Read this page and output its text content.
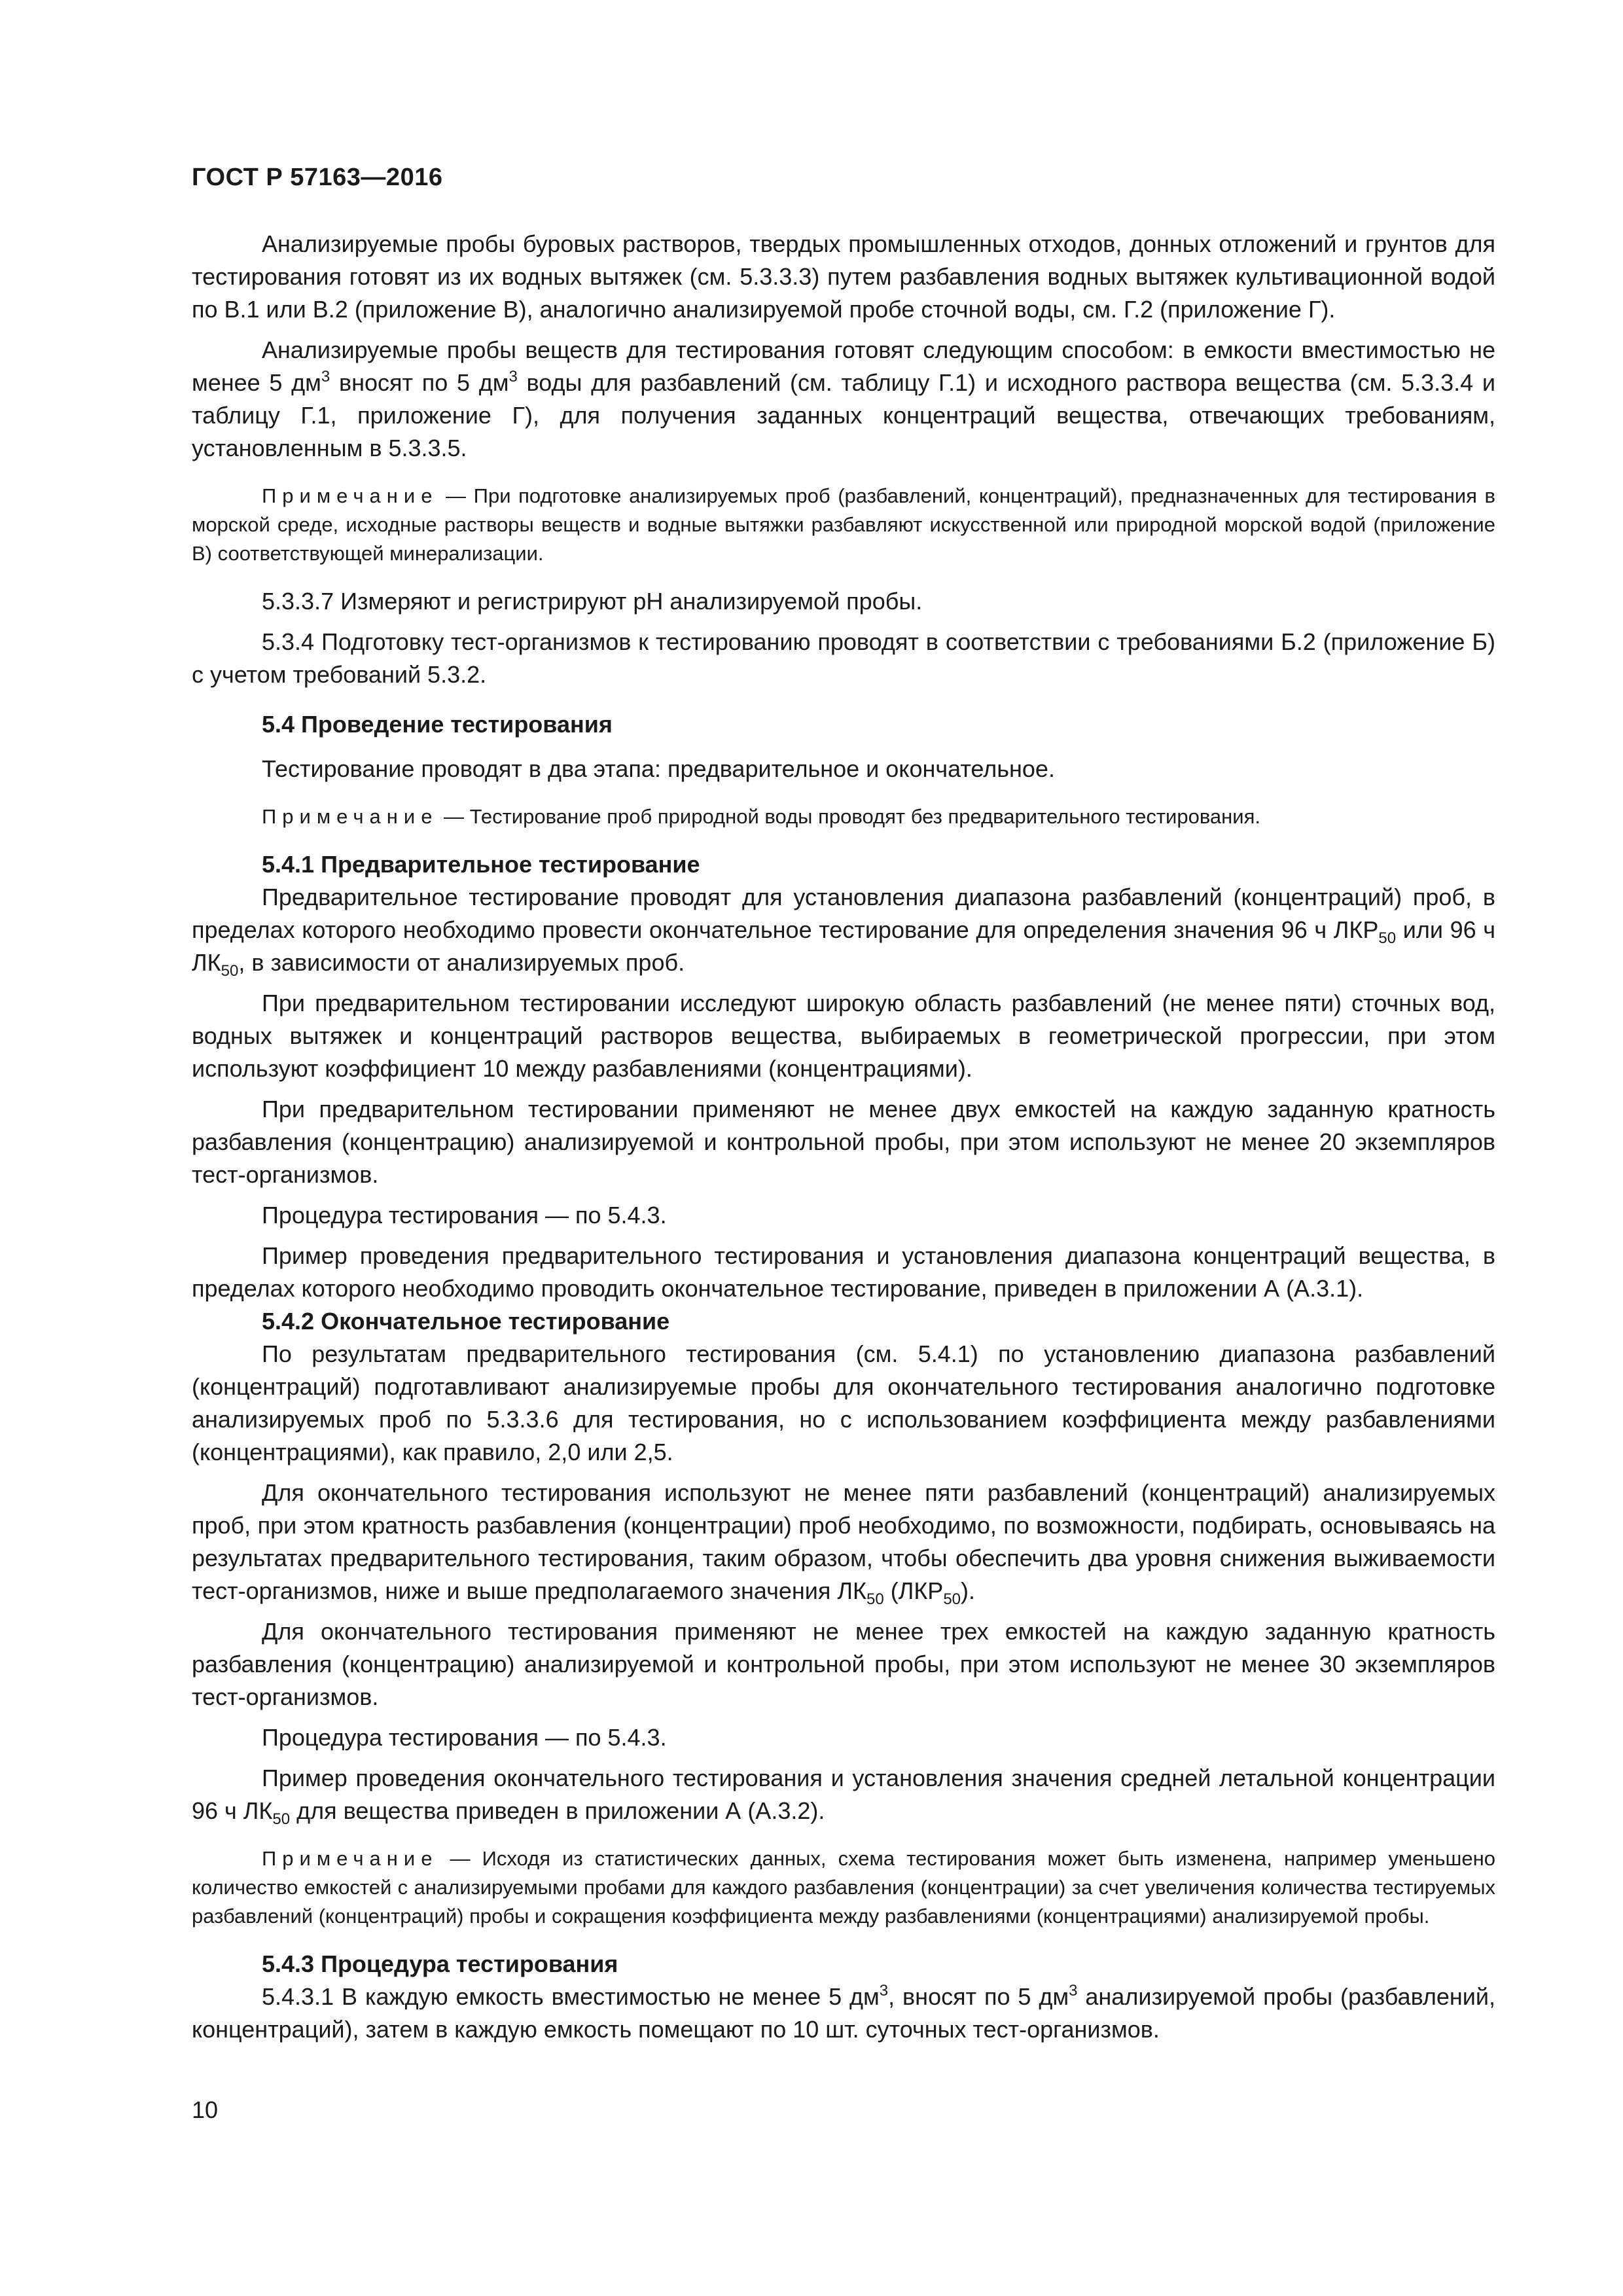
ГОСТ Р 57163—2016

Анализируемые пробы буровых растворов, твердых промышленных отходов, донных отложений и грунтов для тестирования готовят из их водных вытяжек (см. 5.3.3.3) путем разбавления водных вытяжек культивационной водой по В.1 или В.2 (приложение В), аналогично анализируемой пробе сточной воды, см. Г.2 (приложение Г).

Анализируемые пробы веществ для тестирования готовят следующим способом: в емкости вместимостью не менее 5 $дм^3$ вносят по 5 $дм^3$ воды для разбавлений (см. таблицу Г.1) и исходного раствора вещества (см. 5.3.3.4 и таблицу Г.1, приложение Г), для получения заданных концентраций вещества, отвечающих требованиям, установленным в 5.3.3.5.

Примечание — При подготовке анализируемых проб (разбавлений, концентраций), предназначенных для тестирования в морской среде, исходные растворы веществ и водные вытяжки разбавляют искусственной или природной морской водой (приложение В) соответствующей минерализации.

5.3.3.7 Измеряют и регистрируют pH анализируемой пробы.

5.3.4 Подготовку тест-организмов к тестированию проводят в соответствии с требованиями Б.2 (приложение Б) с учетом требований 5.3.2.

5.4 Проведение тестирования

Тестирование проводят в два этапа: предварительное и окончательное.

Примечание — Тестирование проб природной воды проводят без предварительного тестирования.

5.4.1 Предварительное тестирование

Предварительное тестирование проводят для установления диапазона разбавлений (концентраций) проб, в пределах которого необходимо провести окончательное тестирование для определения значения 96 ч $ЛКР_{50}$ или 96 ч $ЛК_{50}$, в зависимости от анализируемых проб.

При предварительном тестировании исследуют широкую область разбавлений (не менее пяти) сточных вод, водных вытяжек и концентраций растворов вещества, выбираемых в геометрической прогрессии, при этом используют коэффициент 10 между разбавлениями (концентрациями).

При предварительном тестировании применяют не менее двух емкостей на каждую заданную кратность разбавления (концентрацию) анализируемой и контрольной пробы, при этом используют не менее 20 экземпляров тест-организмов.

Процедура тестирования — по 5.4.3.

Пример проведения предварительного тестирования и установления диапазона концентраций вещества, в пределах которого необходимо проводить окончательное тестирование, приведен в приложении А (А.3.1).

5.4.2 Окончательное тестирование

По результатам предварительного тестирования (см. 5.4.1) по установлению диапазона разбавлений (концентраций) подготавливают анализируемые пробы для окончательного тестирования аналогично подготовке анализируемых проб по 5.3.3.6 для тестирования, но с использованием коэффициента между разбавлениями (концентрациями), как правило, 2,0 или 2,5.

Для окончательного тестирования используют не менее пяти разбавлений (концентраций) анализируемых проб, при этом кратность разбавления (концентрации) проб необходимо, по возможности, подбирать, основываясь на результатах предварительного тестирования, таким образом, чтобы обеспечить два уровня снижения выживаемости тест-организмов, ниже и выше предполагаемого значения $ЛК_{50}$ $(ЛКР_{50})$.

Для окончательного тестирования применяют не менее трех емкостей на каждую заданную кратность разбавления (концентрацию) анализируемой и контрольной пробы, при этом используют не менее 30 экземпляров тест-организмов.

Процедура тестирования — по 5.4.3.

Пример проведения окончательного тестирования и установления значения средней летальной концентрации 96 ч $ЛК_{50}$ для вещества приведен в приложении А (А.3.2).

Примечание — Исходя из статистических данных, схема тестирования может быть изменена, например уменьшено количество емкостей с анализируемыми пробами для каждого разбавления (концентрации) за счет увеличения количества тестируемых разбавлений (концентраций) пробы и сокращения коэффициента между разбавлениями (концентрациями) анализируемой пробы.

5.4.3 Процедура тестирования

5.4.3.1 В каждую емкость вместимостью не менее 5 $дм^3$, вносят по 5 $дм^3$ анализируемой пробы (разбавлений, концентраций), затем в каждую емкость помещают по 10 шт. суточных тест-организмов.

10
